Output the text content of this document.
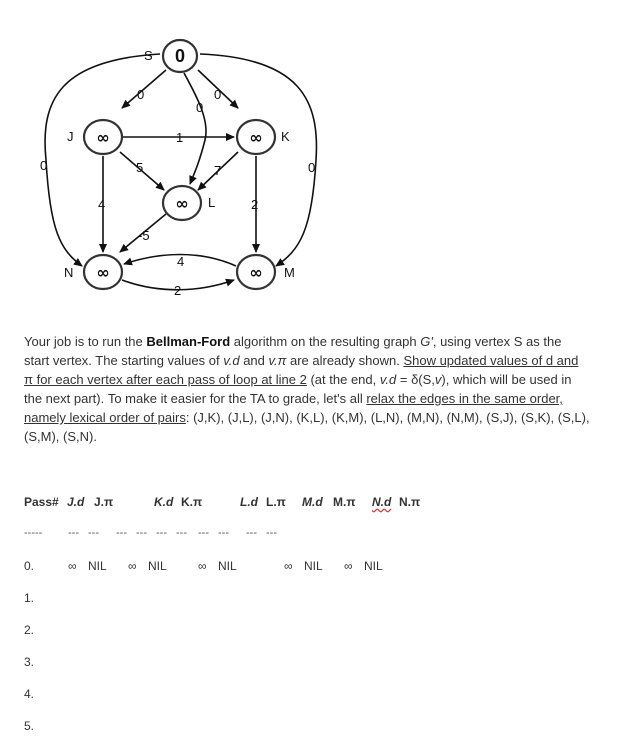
0
0
0
1
5	7
4	2
-5
4
2
0	0
0
S
∞
J	∞ K
∞ L
∞
N	∞ M
Your job is to run the Bellman-Ford algorithm on the resulting graph G', using vertex S as the start vertex. The starting values of v.d and v.π are already shown. Show updated values of d and π for each vertex after each pass of loop at line 2 (at the end, v.d = δ(S,v), which will be used in the next part). To make it easier for the TA to grade, let's all relax the edges in the same order, namely lexical order of pairs: (J,K), (J,L), (J,N), (K,L), (K,M), (L,N), (M,N), (N,M), (S,J), (S,K), (S,L), (S,M), (S,N).
Pass# J.d J.π	K.d K.π	L.d L.π M.d M.π N.d N.π
----- --- --- --- --- --- --- --- --- --- ---
0.	∞ NIL ∞ NIL	∞ NIL	∞ NIL ∞ NIL
1.
2.
3.
4.
5.
